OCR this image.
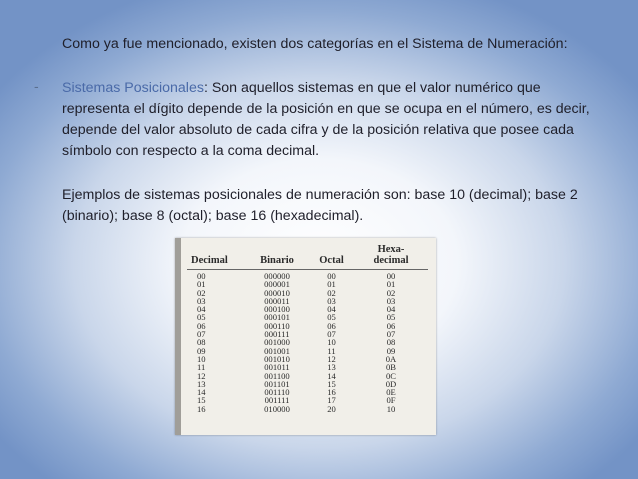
Como ya fue mencionado, existen dos categorías en el Sistema de Numeración:

- Sistemas Posicionales: Son aquellos sistemas en que el valor numérico que representa el dígito depende de la posición en que se ocupa en el número, es decir, depende del valor absoluto de cada cifra y de la posición relativa que posee cada símbolo con respecto a la coma decimal.

Ejemplos de sistemas posicionales de numeración son: base 10 (decimal); base 2 (binario); base 8 (octal); base 16 (hexadecimal).

Decimal	Binario	Octal	Hexa-
decimal
00	000000	00	00
01	000001	01	01
02	000010	02	02
03	000011	03	03
04	000100	04	04
05	000101	05	05
06	000110	06	06
07	000111	07	07
08	001000	10	08
09	001001	11	09
10	001010	12	0A
11	001011	13	0B
12	001100	14	0C
13	001101	15	0D
14	001110	16	0E
15	001111	17	0F
16	010000	20	10
